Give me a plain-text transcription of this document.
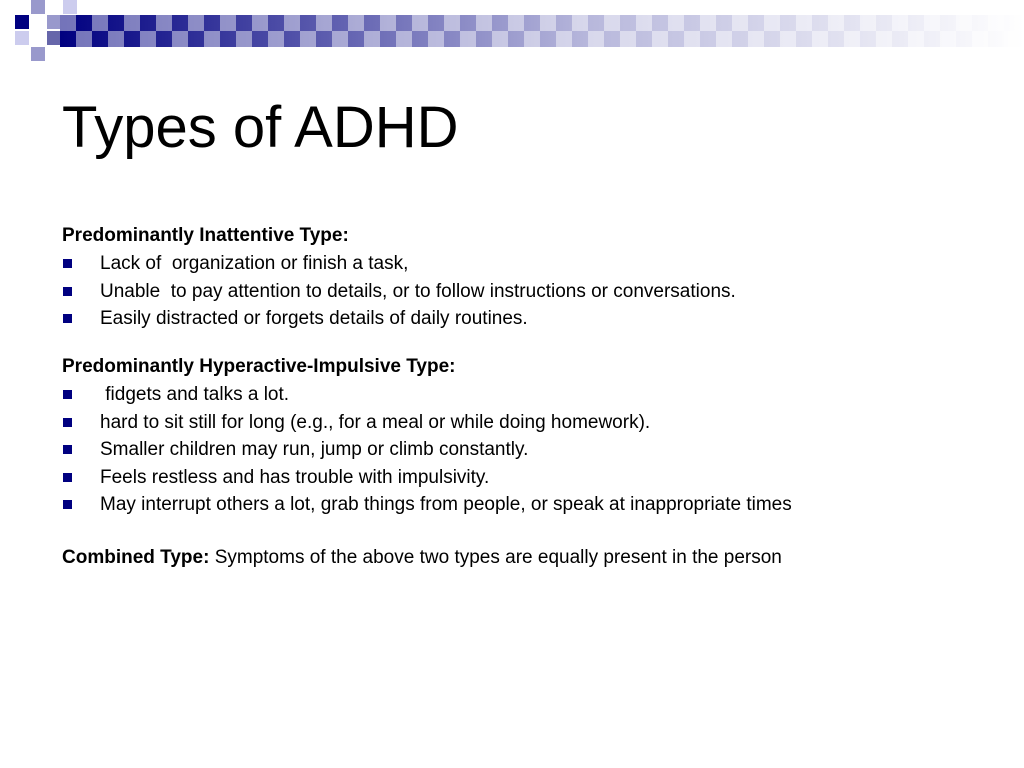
Types of ADHD
Predominantly Inattentive Type:
Lack of  organization or finish a task,
Unable  to pay attention to details, or to follow instructions or conversations.
Easily distracted or forgets details of daily routines.
Predominantly Hyperactive-Impulsive Type:
fidgets and talks a lot.
hard to sit still for long (e.g., for a meal or while doing homework).
Smaller children may run, jump or climb constantly.
Feels restless and has trouble with impulsivity.
May interrupt others a lot, grab things from people, or speak at inappropriate times

Combined Type: Symptoms of the above two types are equally present in the person
